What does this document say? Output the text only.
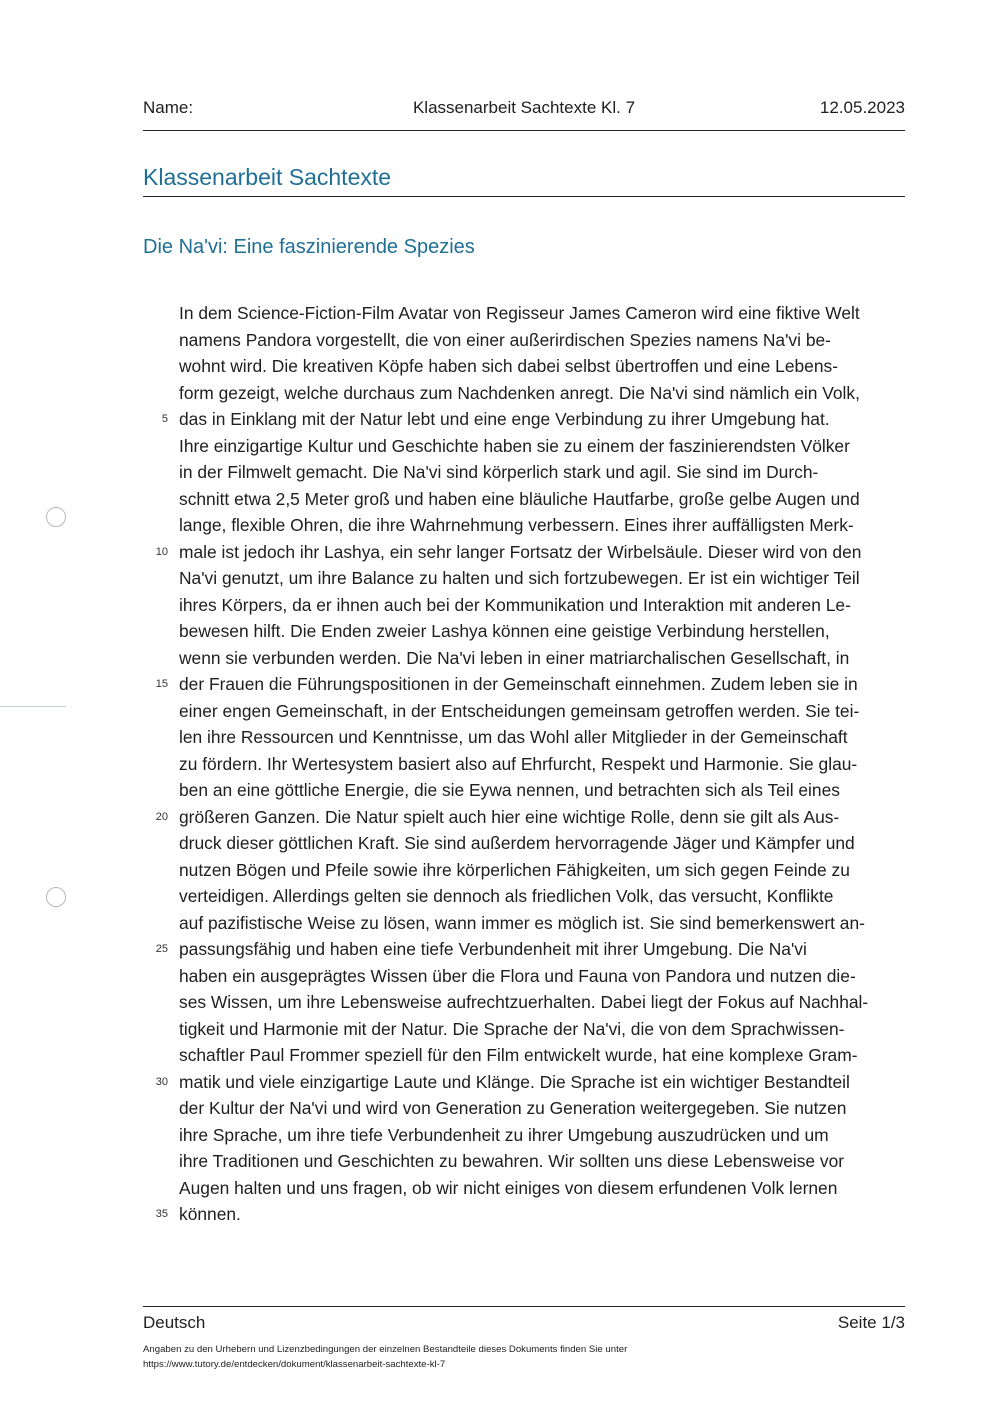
Name:	Klassenarbeit Sachtexte Kl. 7	12.05.2023
Klassenarbeit Sachtexte
Die Na'vi: Eine faszinierende Spezies
In dem Science-Fiction-Film Avatar von Regisseur James Cameron wird eine fiktive Welt
namens Pandora vorgestellt, die von einer außerirdischen Spezies namens Na'vi be-
wohnt wird. Die kreativen Köpfe haben sich dabei selbst übertroffen und eine Lebens-
form gezeigt, welche durchaus zum Nachdenken anregt. Die Na'vi sind nämlich ein Volk,
das in Einklang mit der Natur lebt und eine enge Verbindung zu ihrer Umgebung hat.
Ihre einzigartige Kultur und Geschichte haben sie zu einem der faszinierendsten Völker
in der Filmwelt gemacht. Die Na'vi sind körperlich stark und agil. Sie sind im Durch-
schnitt etwa 2,5 Meter groß und haben eine bläuliche Hautfarbe, große gelbe Augen und
lange, flexible Ohren, die ihre Wahrnehmung verbessern. Eines ihrer auffälligsten Merk-
male ist jedoch ihr Lashya, ein sehr langer Fortsatz der Wirbelsäule. Dieser wird von den
Na'vi genutzt, um ihre Balance zu halten und sich fortzubewegen. Er ist ein wichtiger Teil
ihres Körpers, da er ihnen auch bei der Kommunikation und Interaktion mit anderen Le-
bewesen hilft. Die Enden zweier Lashya können eine geistige Verbindung herstellen,
wenn sie verbunden werden. Die Na'vi leben in einer matriarchalischen Gesellschaft, in
der Frauen die Führungspositionen in der Gemeinschaft einnehmen. Zudem leben sie in
einer engen Gemeinschaft, in der Entscheidungen gemeinsam getroffen werden. Sie tei-
len ihre Ressourcen und Kenntnisse, um das Wohl aller Mitglieder in der Gemeinschaft
zu fördern. Ihr Wertesystem basiert also auf Ehrfurcht, Respekt und Harmonie. Sie glau-
ben an eine göttliche Energie, die sie Eywa nennen, und betrachten sich als Teil eines
größeren Ganzen. Die Natur spielt auch hier eine wichtige Rolle, denn sie gilt als Aus-
druck dieser göttlichen Kraft. Sie sind außerdem hervorragende Jäger und Kämpfer und
nutzen Bögen und Pfeile sowie ihre körperlichen Fähigkeiten, um sich gegen Feinde zu
verteidigen. Allerdings gelten sie dennoch als friedlichen Volk, das versucht, Konflikte
auf pazifistische Weise zu lösen, wann immer es möglich ist. Sie sind bemerkenswert an-
passungsfähig und haben eine tiefe Verbundenheit mit ihrer Umgebung. Die Na'vi
haben ein ausgeprägtes Wissen über die Flora und Fauna von Pandora und nutzen die-
ses Wissen, um ihre Lebensweise aufrechtzuerhalten. Dabei liegt der Fokus auf Nachhal-
tigkeit und Harmonie mit der Natur. Die Sprache der Na'vi, die von dem Sprachwissen-
schaftler Paul Frommer speziell für den Film entwickelt wurde, hat eine komplexe Gram-
matik und viele einzigartige Laute und Klänge. Die Sprache ist ein wichtiger Bestandteil
der Kultur der Na'vi und wird von Generation zu Generation weitergegeben. Sie nutzen
ihre Sprache, um ihre tiefe Verbundenheit zu ihrer Umgebung auszudrücken und um
ihre Traditionen und Geschichten zu bewahren. Wir sollten uns diese Lebensweise vor
Augen halten und uns fragen, ob wir nicht einiges von diesem erfundenen Volk lernen
können.
5
10
15
20
25
30
35
Deutsch	Seite 1/3
Angaben zu den Urhebern und Lizenzbedingungen der einzelnen Bestandteile dieses Dokuments finden Sie unter
https://www.tutory.de/entdecken/dokument/klassenarbeit-sachtexte-kl-7
